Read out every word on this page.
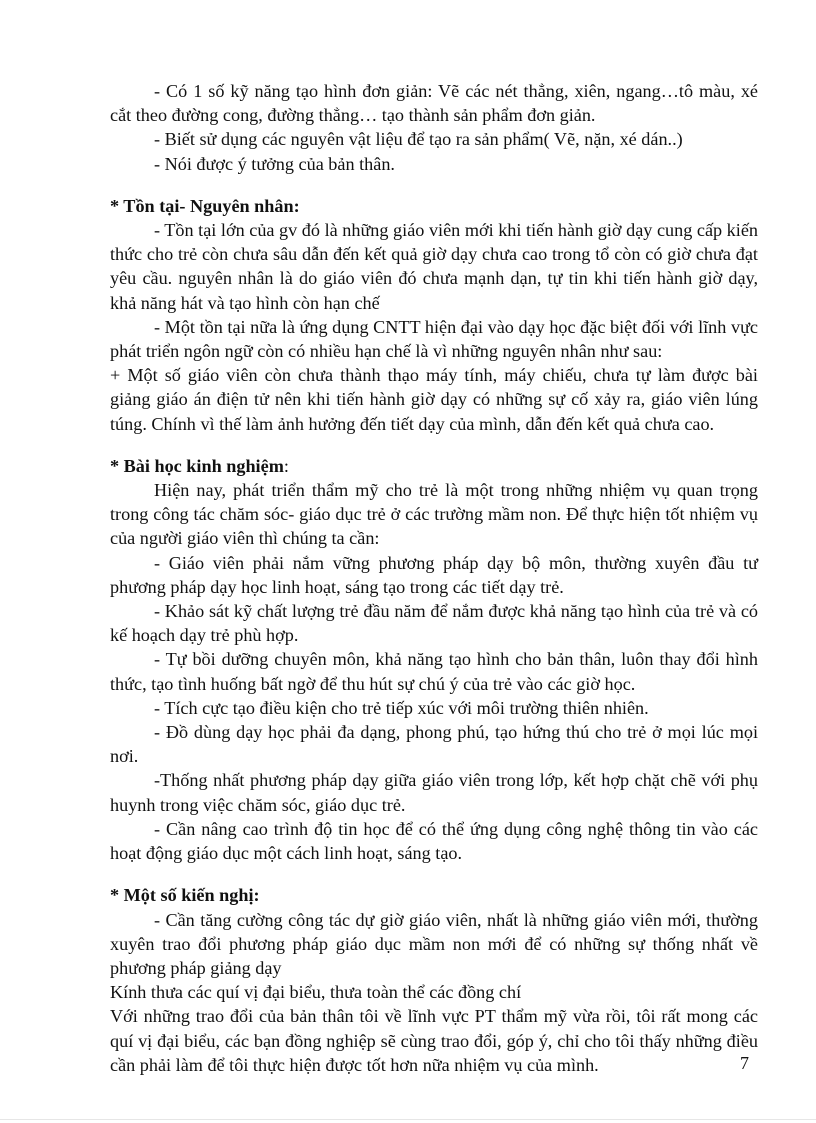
- Có 1 số kỹ năng tạo hình đơn giản: Vẽ các nét thẳng, xiên, ngang…tô màu, xé cắt theo đường cong, đường thẳng… tạo thành sản phẩm đơn giản.

- Biết sử dụng các nguyên vật liệu để tạo ra sản phẩm( Vẽ, nặn, xé dán..)

- Nói được ý tưởng của bản thân.

* Tồn tại- Nguyên nhân:

- Tồn tại lớn của gv đó là những giáo viên mới khi tiến hành giờ dạy cung cấp kiến thức cho trẻ còn chưa sâu dẫn đến kết quả giờ dạy chưa cao trong tổ còn có giờ chưa đạt yêu cầu. nguyên nhân là do giáo viên đó chưa mạnh dạn, tự tin khi tiến hành giờ dạy, khả năng hát và tạo hình còn hạn chế

- Một tồn tại nữa là ứng dụng CNTT hiện đại vào dạy học đặc biệt đối với lĩnh vực phát triển ngôn ngữ còn có nhiều hạn chế là vì những nguyên nhân như sau:

+ Một số giáo viên còn chưa thành thạo máy tính, máy chiếu, chưa tự làm được bài giảng giáo án điện tử nên khi tiến hành giờ dạy có những sự cố xảy ra, giáo viên lúng túng. Chính vì thế làm ảnh hưởng đến tiết dạy của mình, dẫn đến kết quả chưa cao.

* Bài học kinh nghiệm:

Hiện nay, phát triển thẩm mỹ cho trẻ là một trong những nhiệm vụ quan trọng trong công tác chăm sóc- giáo dục trẻ ở các trường mầm non. Để thực hiện tốt nhiệm vụ của người giáo viên thì chúng ta cần:

- Giáo viên phải nắm vững phương pháp dạy bộ môn, thường xuyên đầu tư phương pháp dạy học linh hoạt, sáng tạo trong các tiết dạy trẻ.

- Khảo sát kỹ chất lượng trẻ đầu năm để nắm được khả năng tạo hình của trẻ và có kế hoạch dạy trẻ phù hợp.

- Tự bồi dưỡng chuyên môn, khả năng tạo hình cho bản thân, luôn thay đổi hình thức, tạo tình huống bất ngờ để thu hút sự chú ý của trẻ vào các giờ học.

- Tích cực tạo điều kiện cho trẻ tiếp xúc với môi trường thiên nhiên.

- Đồ dùng dạy học phải đa dạng, phong phú, tạo hứng thú cho trẻ ở mọi lúc mọi nơi.

-Thống nhất phương pháp dạy giữa giáo viên trong lớp, kết hợp chặt chẽ với phụ huynh trong việc chăm sóc, giáo dục trẻ.

- Cần nâng cao trình độ tin học để có thể ứng dụng công nghệ thông tin vào các hoạt động giáo dục một cách linh hoạt, sáng tạo.

* Một số kiến nghị:

- Cần tăng cường công tác dự giờ giáo viên, nhất là những giáo viên mới, thường xuyên trao đổi phương pháp giáo dục mầm non mới để có những sự thống nhất về phương pháp giảng dạy

Kính thưa các quí vị đại biểu, thưa toàn thể các đồng chí

Với những trao đổi của bản thân tôi về lĩnh vực PT thẩm mỹ vừa rồi, tôi rất mong các quí vị đại biểu, các bạn đồng nghiệp sẽ cùng trao đổi, góp ý, chỉ cho tôi thấy những điều cần phải làm để tôi thực hiện được tốt hơn nữa nhiệm vụ của mình.	7
